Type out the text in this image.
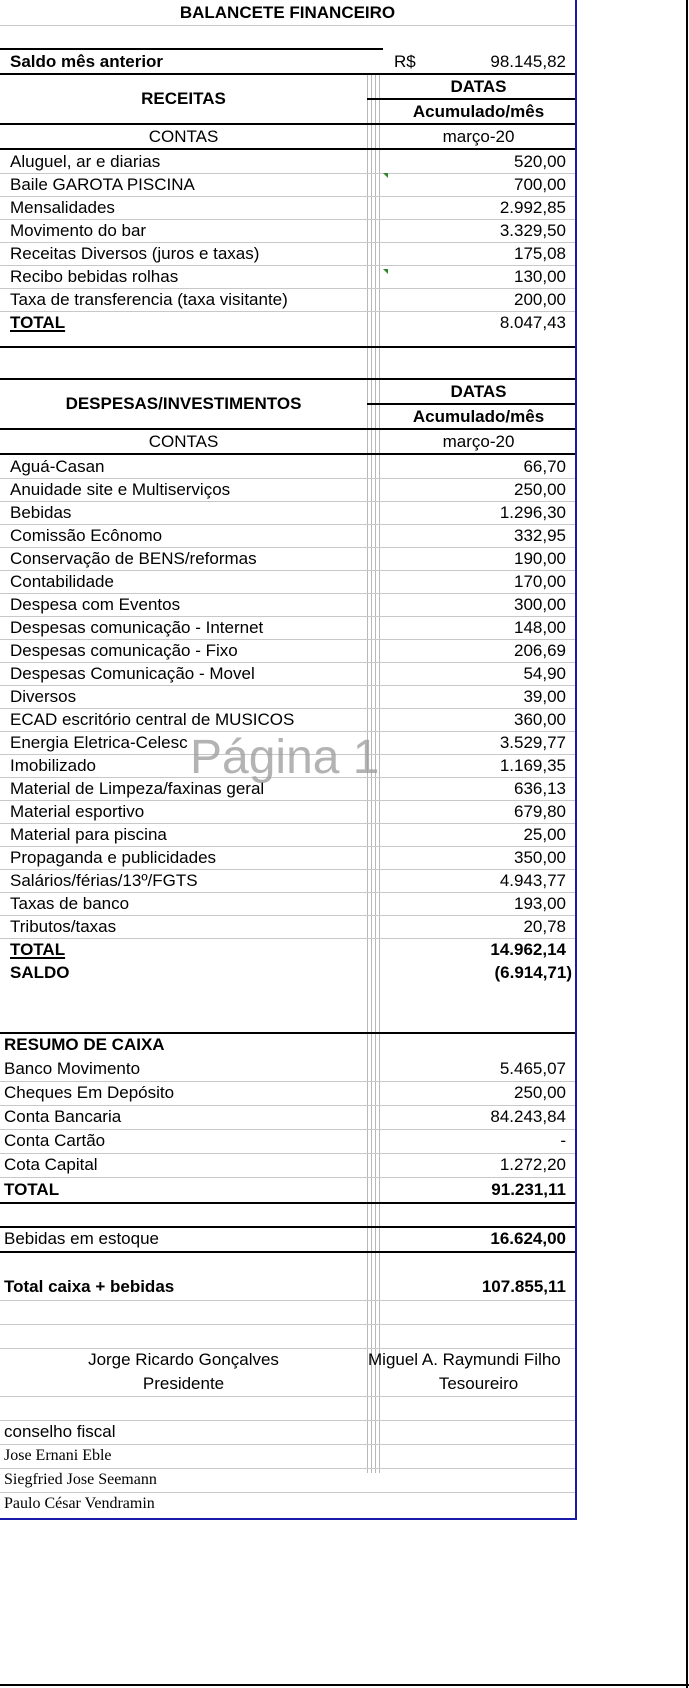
BALANCETE FINANCEIRO
Saldo mês anterior	R$	98.145,82
RECEITAS
DATAS
Acumulado/mês
CONTAS	março-20
Aluguel, ar e diarias	520,00
Baile GAROTA PISCINA	700,00
Mensalidades	2.992,85
Movimento do bar	3.329,50
Receitas Diversos (juros e taxas)	175,08
Recibo bebidas rolhas	130,00
Taxa de transferencia (taxa visitante)	200,00
TOTAL	8.047,43
DESPESAS/INVESTIMENTOS
DATAS
Acumulado/mês
CONTAS	março-20
Aguá-Casan	66,70
Anuidade site e Multiserviços	250,00
Bebidas	1.296,30
Comissão Ecônomo	332,95
Conservação de BENS/reformas	190,00
Contabilidade	170,00
Despesa com Eventos	300,00
Despesas comunicação - Internet	148,00
Despesas comunicação - Fixo	206,69
Despesas Comunicação - Movel	54,90
Diversos	39,00
ECAD escritório central de MUSICOS	360,00
Energia Eletrica-Celesc	3.529,77
Imobilizado	1.169,35
Material de Limpeza/faxinas geral	636,13
Material esportivo	679,80
Material para piscina	25,00
Propaganda e publicidades	350,00
Salários/férias/13º/FGTS	4.943,77
Taxas de banco	193,00
Tributos/taxas	20,78
TOTAL	14.962,14
SALDO	(6.914,71)
RESUMO DE CAIXA
Banco Movimento	5.465,07
Cheques Em Depósito	250,00
Conta Bancaria	84.243,84
Conta Cartão	-
Cota Capital	1.272,20
TOTAL	91.231,11
Bebidas em estoque	16.624,00
Total caixa + bebidas	107.855,11
Jorge Ricardo Gonçalves	Miguel A. Raymundi Filho
Presidente	Tesoureiro
conselho fiscal
Jose Ernani Eble
Siegfried Jose Seemann
Paulo César Vendramin
Página 1
